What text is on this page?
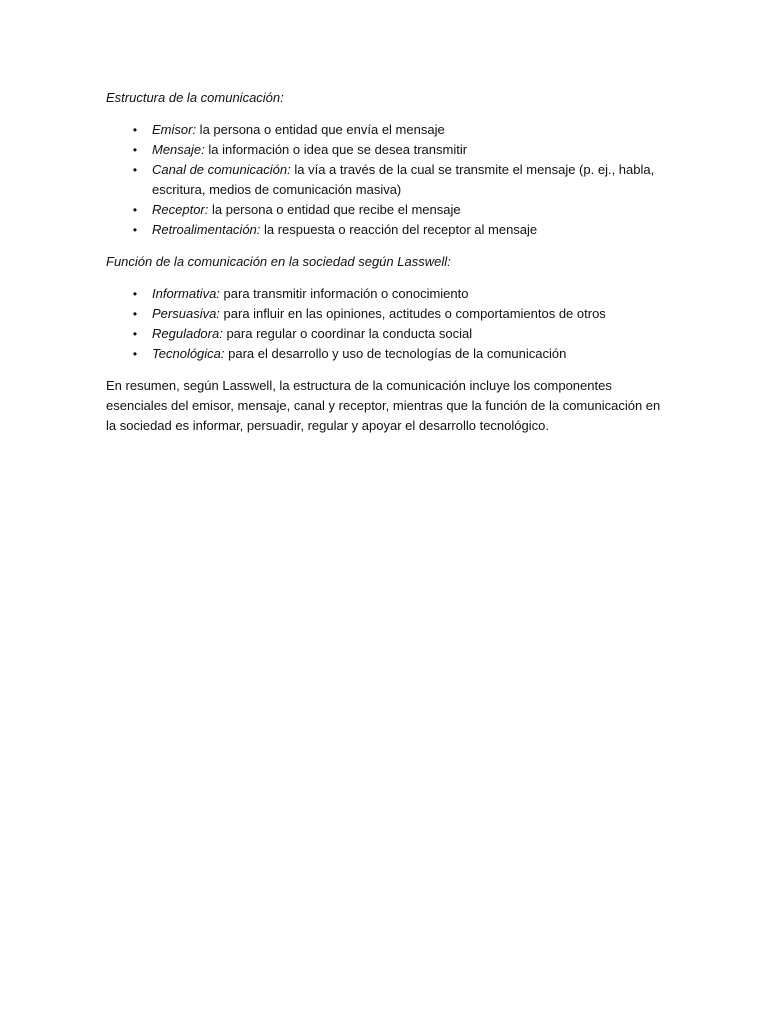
Estructura de la comunicación:

• Emisor: la persona o entidad que envía el mensaje
• Mensaje: la información o idea que se desea transmitir
• Canal de comunicación: la vía a través de la cual se transmite el mensaje (p. ej., habla, escritura, medios de comunicación masiva)
• Receptor: la persona o entidad que recibe el mensaje
• Retroalimentación: la respuesta o reacción del receptor al mensaje

Función de la comunicación en la sociedad según Lasswell:

• Informativa: para transmitir información o conocimiento
• Persuasiva: para influir en las opiniones, actitudes o comportamientos de otros
• Reguladora: para regular o coordinar la conducta social
• Tecnológica: para el desarrollo y uso de tecnologías de la comunicación

En resumen, según Lasswell, la estructura de la comunicación incluye los componentes esenciales del emisor, mensaje, canal y receptor, mientras que la función de la comunicación en la sociedad es informar, persuadir, regular y apoyar el desarrollo tecnológico.
